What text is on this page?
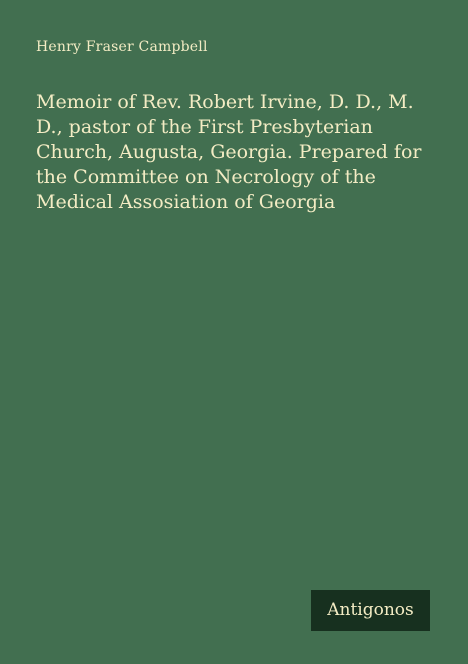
Henry Fraser Campbell
Memoir of Rev. Robert Irvine, D. D., M. D., pastor of the First Presbyterian Church, Augusta, Georgia. Prepared for the Committee on Necrology of the Medical Assosiation of Georgia
Antigonos
